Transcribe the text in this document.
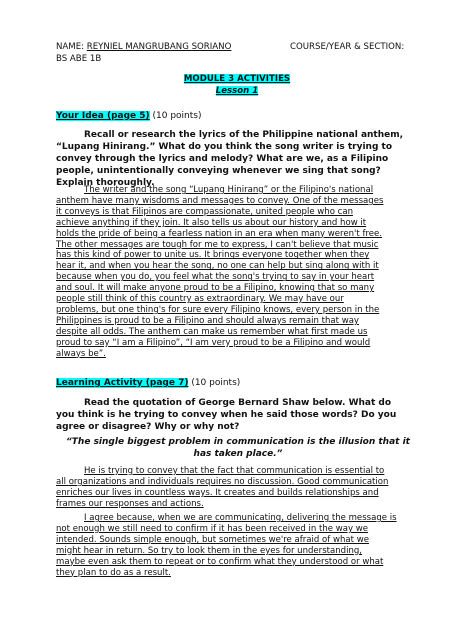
NAME: REYNIEL MANGRUBANG SORIANO	COURSE/YEAR & SECTION:
BS ABE 1B
MODULE 3 ACTIVITIES
Lesson 1
Your Idea (page 5) (10 points)
Recall or research the lyrics of the Philippine national anthem,
“Lupang Hinirang.” What do you think the song writer is trying to
convey through the lyrics and melody? What are we, as a Filipino
people, unintentionally conveying whenever we sing that song?
Explain thoroughly.
The writer and the song “Lupang Hinirang” or the Filipino's national
anthem have many wisdoms and messages to convey. One of the messages
it conveys is that Filipinos are compassionate, united people who can
achieve anything if they join. It also tells us about our history and how it
holds the pride of being a fearless nation in an era when many weren't free.
The other messages are tough for me to express, I can't believe that music
has this kind of power to unite us. It brings everyone together when they
hear it, and when you hear the song, no one can help but sing along with it
because when you do, you feel what the song's trying to say in your heart
and soul. It will make anyone proud to be a Filipino, knowing that so many
people still think of this country as extraordinary. We may have our
problems, but one thing's for sure every Filipino knows, every person in the
Philippines is proud to be a Filipino and should always remain that way
despite all odds. The anthem can make us remember what first made us
proud to say “I am a Filipino”, “I am very proud to be a Filipino and would
always be”.
Learning Activity (page 7) (10 points)
Read the quotation of George Bernard Shaw below. What do
you think is he trying to convey when he said those words? Do you
agree or disagree? Why or why not?
“The single biggest problem in communication is the illusion that it
has taken place.”
He is trying to convey that the fact that communication is essential to
all organizations and individuals requires no discussion. Good communication
enriches our lives in countless ways. It creates and builds relationships and
frames our responses and actions.
I agree because, when we are communicating, delivering the message is
not enough we still need to confirm if it has been received in the way we
intended. Sounds simple enough, but sometimes we're afraid of what we
might hear in return. So try to look them in the eyes for understanding,
maybe even ask them to repeat or to confirm what they understood or what
they plan to do as a result.
